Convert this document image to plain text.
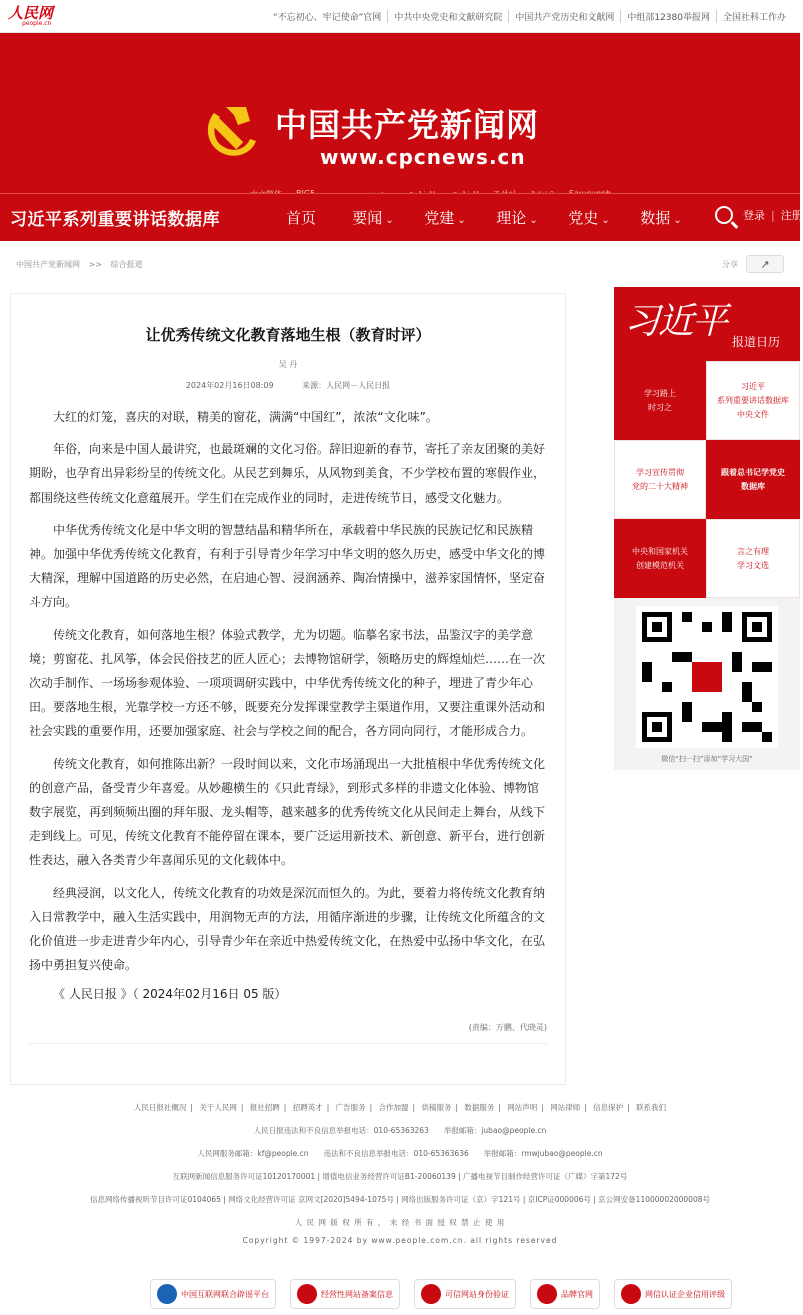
人民网
people.cn
“不忘初心、牢记使命”官网	中共中央党史和文献研究院	中国共产党历史和文献网	中组部12380举报网	全国社科工作办
中国共产党新闻网
www.cpcnews.cn
习近平系列重要讲话数据库	首页	要闻 ⌄	党建 ⌄	理论 ⌄	党史 ⌄	数据 ⌄	登录 | 注册
中国共产党新闻网 >> 综合报道	分享 ↗
让优秀传统文化教育落地生根（教育时评）
吴 丹
2024年02月16日08:09	来源：人民网－人民日报

大红的灯笼，喜庆的对联，精美的窗花，满满“中国红”，浓浓“文化味”。

年俗，向来是中国人最讲究，也最斑斓的文化习俗。辞旧迎新的春节，寄托了亲友团聚的美好期盼，也孕育出异彩纷呈的传统文化。从民艺到舞乐，从风物到美食，不少学校布置的寒假作业，都围绕这些传统文化意蕴展开。学生们在完成作业的同时，走进传统节日，感受文化魅力。

中华优秀传统文化是中华文明的智慧结晶和精华所在，承载着中华民族的民族记忆和民族精神。加强中华优秀传统文化教育，有利于引导青少年学习中华文明的悠久历史，感受中华文化的博大精深，理解中国道路的历史必然，在启迪心智、浸润涵养、陶冶情操中，滋养家国情怀，坚定奋斗方向。

传统文化教育，如何落地生根？体验式教学，尤为切题。临摹名家书法，品鉴汉字的美学意境；剪窗花、扎风筝，体会民俗技艺的匠人匠心；去博物馆研学，领略历史的辉煌灿烂……在一次次动手制作、一场场参观体验、一项项调研实践中，中华优秀传统文化的种子，埋进了青少年心田。要落地生根，光靠学校一方还不够，既要充分发挥课堂教学主渠道作用，又要注重课外活动和社会实践的重要作用，还要加强家庭、社会与学校之间的配合，各方同向同行，才能形成合力。

传统文化教育，如何推陈出新？一段时间以来，文化市场涌现出一大批植根中华优秀传统文化的创意产品，备受青少年喜爱。从妙趣横生的《只此青绿》，到形式多样的非遗文化体验、博物馆数字展览，再到频频出圈的拜年服、龙头帽等，越来越多的优秀传统文化从民间走上舞台，从线下走到线上。可见，传统文化教育不能停留在课本，要广泛运用新技术、新创意、新平台，进行创新性表达，融入各类青少年喜闻乐见的文化载体中。

经典浸润，以文化人，传统文化教育的功效是深沉而恒久的。为此，要着力将传统文化教育纳入日常教学中，融入生活实践中，用润物无声的方法，用循序渐进的步骤，让传统文化所蕴含的文化价值进一步走进青少年内心，引导青少年在亲近中热爱传统文化，在热爱中弘扬中华文化，在弘扬中勇担复兴使命。

《 人民日报 》（ 2024年02月16日 05 版）
(责编：万鹏、代晓灵)
习近平 报道日历
学习路上
时习之
习近平
系列重要讲话数据库
中央文件
学习宣传贯彻
党的二十大精神
跟着总书记学党史
数据库
中央和国家机关
创建模范机关
言之有理
学习文选
微信“扫一扫”添加“学习大国”
人民日报社概况 | 关于人民网 | 报社招聘 | 招聘英才 | 广告服务 | 合作加盟 | 供稿服务 | 数据服务 | 网站声明 | 网站律师 | 信息保护 | 联系我们
人民日报违法和不良信息举报电话：010-65363263　　举报邮箱：jubao@people.cn
人民网服务邮箱：kf@people.cn　　违法和不良信息举报电话：010-65363636　　举报邮箱：rmwjubao@people.cn
互联网新闻信息服务许可证10120170001 | 增值电信业务经营许可证B1-20060139 | 广播电视节目制作经营许可证（广媒）字第172号
信息网络传播视听节目许可证0104065 | 网络文化经营许可证 京网文[2020]5494-1075号 | 网络出版服务许可证（京）字121号 | 京ICP证000006号 | 京公网安备11000002000008号
人 民 网 版 权 所 有 ， 未 经 书 面 授 权 禁 止 使 用
Copyright © 1997-2024 by www.people.com.cn. all rights reserved
中国互联网联合辟谣平台	经营性网站备案信息	可信网站身份验证	品牌官网	网信认证企业信用评级
